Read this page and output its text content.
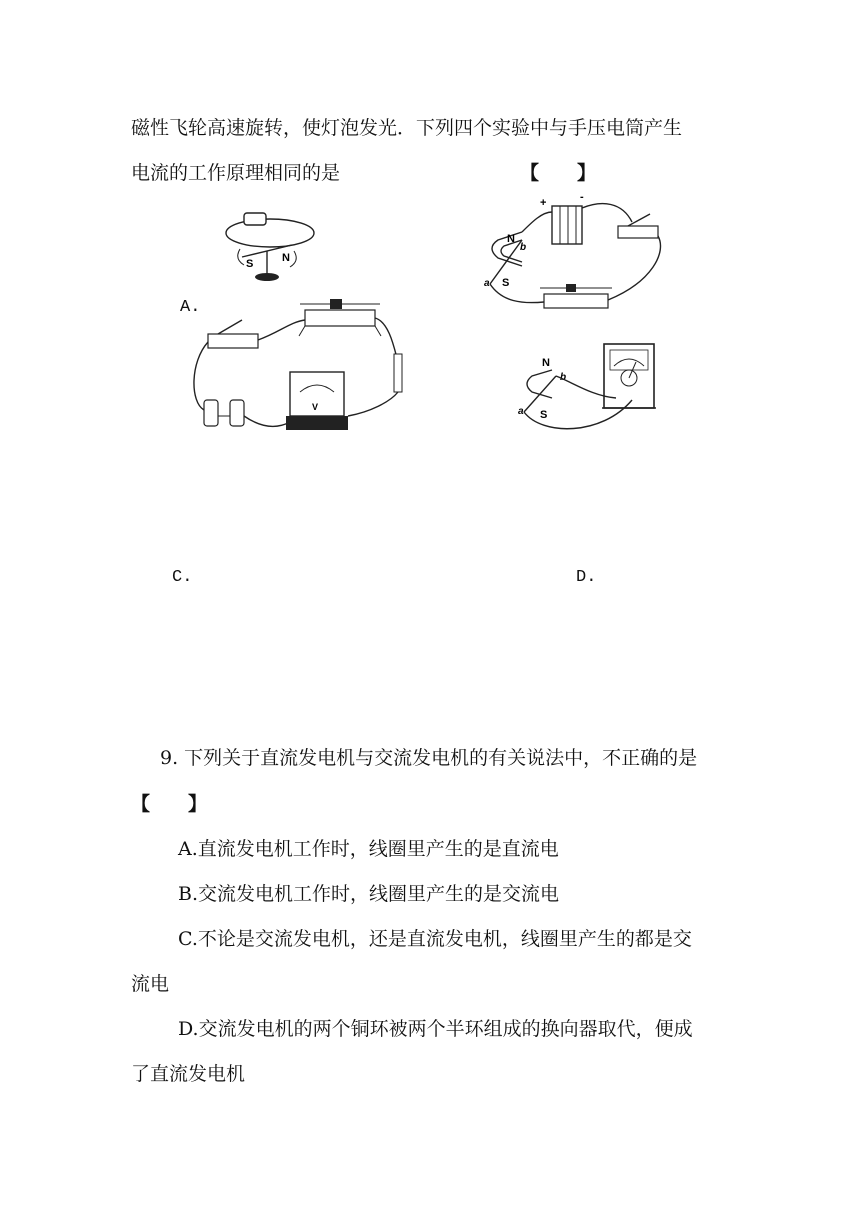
磁性飞轮高速旋转，使灯泡发光．下列四个实验中与手压电筒产生
电流的工作原理相同的是	【　　】
S	N
A.
V
N
S
a
b
+	-
N
S
a
b
C.	D.
9. 下列关于直流发电机与交流发电机的有关说法中，不正确的是
【　　】
A.直流发电机工作时，线圈里产生的是直流电
B.交流发电机工作时，线圈里产生的是交流电
C.不论是交流发电机，还是直流发电机，线圈里产生的都是交
流电
D.交流发电机的两个铜环被两个半环组成的换向器取代，便成
了直流发电机
